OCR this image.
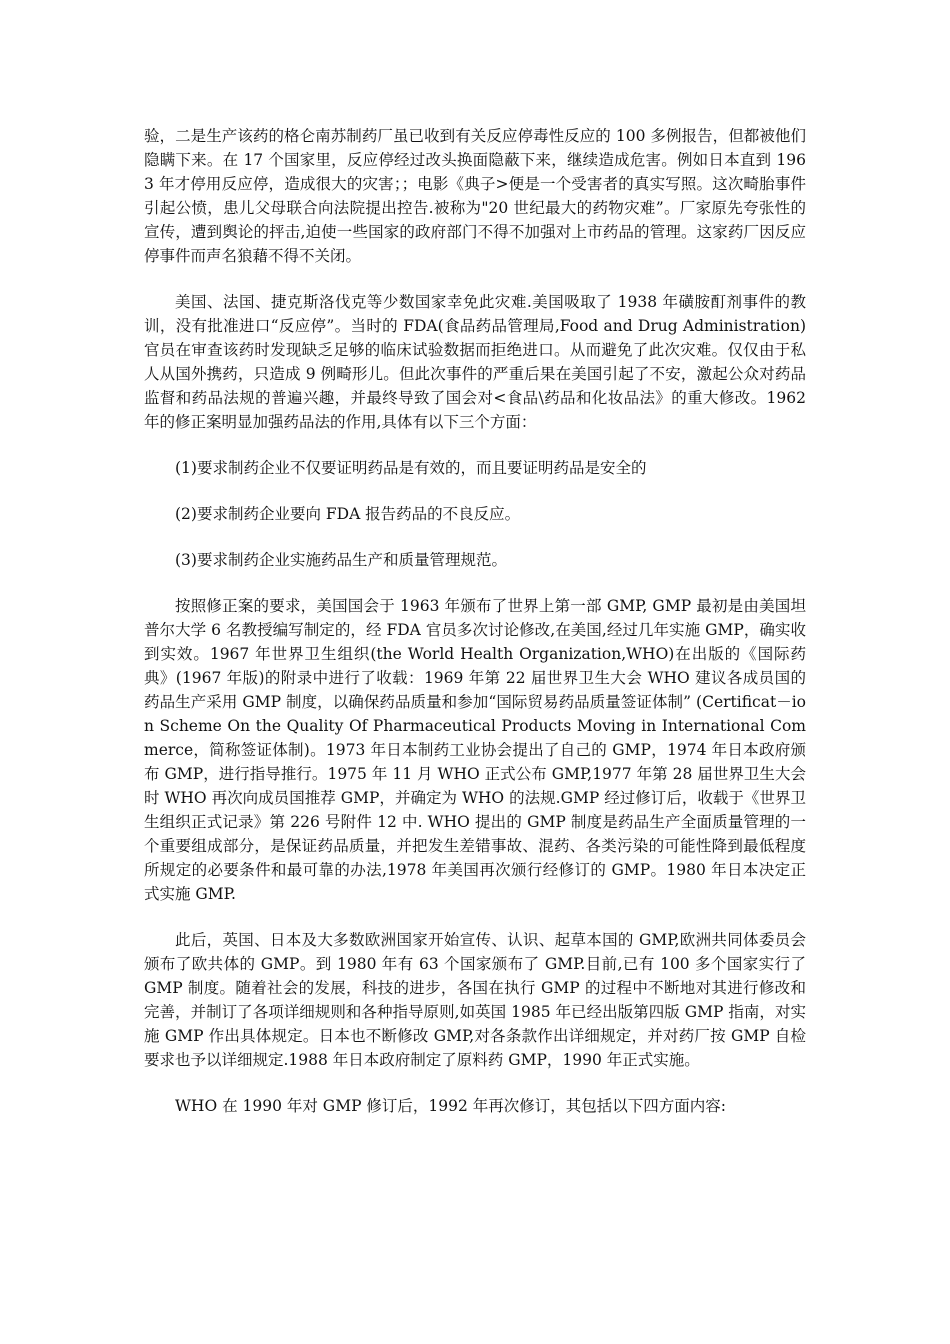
验，二是生产该药的格仑南苏制药厂虽已收到有关反应停毒性反应的 100 多例报告，但都被他们隐瞒下来。在 17 个国家里，反应停经过改头换面隐蔽下来，继续造成危害。例如日本直到 1963 年才停用反应停，造成很大的灾害；；电影《典子>便是一个受害者的真实写照。这次畸胎事件引起公愤，患儿父母联合向法院提出控告.被称为"20 世纪最大的药物灾难”。厂家原先夸张性的宣传，遭到舆论的抨击,迫使一些国家的政府部门不得不加强对上市药品的管理。这家药厂因反应停事件而声名狼藉不得不关闭。

美国、法国、捷克斯洛伐克等少数国家幸免此灾难.美国吸取了 1938 年磺胺酊剂事件的教训，没有批准进口“反应停”。当时的 FDA(食品药品管理局,Food and Drug Administration)官员在审查该药时发现缺乏足够的临床试验数据而拒绝进口。从而避免了此次灾难。仅仅由于私人从国外携药，只造成 9 例畸形儿。但此次事件的严重后果在美国引起了不安，激起公众对药品监督和药品法规的普遍兴趣，并最终导致了国会对<食品\药品和化妆品法》的重大修改。1962 年的修正案明显加强药品法的作用,具体有以下三个方面：

(1)要求制药企业不仅要证明药品是有效的，而且要证明药品是安全的

(2)要求制药企业要向 FDA 报告药品的不良反应。

(3)要求制药企业实施药品生产和质量管理规范。

按照修正案的要求，美国国会于 1963 年颁布了世界上第一部 GMP, GMP 最初是由美国坦普尔大学 6 名教授编写制定的，经 FDA 官员多次讨论修改,在美国,经过几年实施 GMP，确实收到实效。1967 年世界卫生组织(the World Health Organization,WHO)在出版的《国际药典》(1967 年版)的附录中进行了收载：1969 年第 22 届世界卫生大会 WHO 建议各成员国的药品生产采用 GMP 制度，以确保药品质量和参加“国际贸易药品质量签证体制” (Certificat－ion Scheme On the Quality Of Pharmaceutical Products Moving in International Commerce，简称签证体制)。1973 年日本制药工业协会提出了自己的 GMP，1974 年日本政府颁布 GMP，进行指导推行。1975 年 11 月 WHO 正式公布 GMP,1977 年第 28 届世界卫生大会时 WHO 再次向成员国推荐 GMP，并确定为 WHO 的法规.GMP 经过修订后，收载于《世界卫生组织正式记录》第 226 号附件 12 中. WHO 提出的 GMP 制度是药品生产全面质量管理的一个重要组成部分，是保证药品质量，并把发生差错事故、混药、各类污染的可能性降到最低程度所规定的必要条件和最可靠的办法,1978 年美国再次颁行经修订的 GMP。1980 年日本决定正式实施 GMP.

此后，英国、日本及大多数欧洲国家开始宣传、认识、起草本国的 GMP,欧洲共同体委员会颁布了欧共体的 GMP。到 1980 年有 63 个国家颁布了 GMP.目前,已有 100 多个国家实行了 GMP 制度。随着社会的发展，科技的进步，各国在执行 GMP 的过程中不断地对其进行修改和完善，并制订了各项详细规则和各种指导原则,如英国 1985 年已经出版第四版 GMP 指南，对实施 GMP 作出具体规定。日本也不断修改 GMP,对各条款作出详细规定，并对药厂按 GMP 自检要求也予以详细规定.1988 年日本政府制定了原料药 GMP，1990 年正式实施。

WHO 在 1990 年对 GMP 修订后，1992 年再次修订，其包括以下四方面内容:
